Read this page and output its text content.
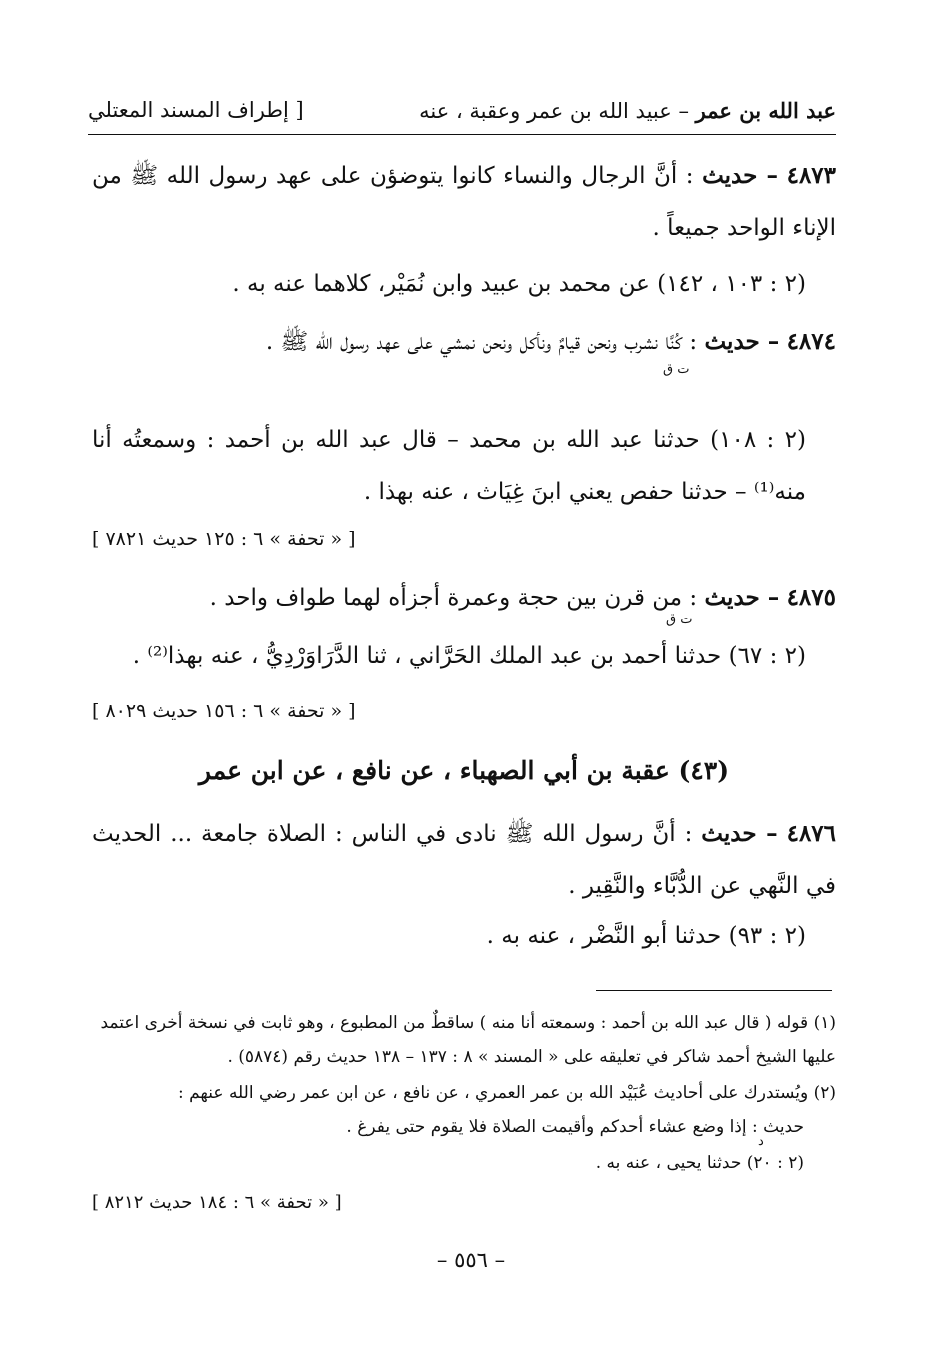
عبد الله بن عمر – عبيد الله بن عمر وعقبة ، عنه
[ إطراف المسند المعتلي
٤٨٧٣ – حديث : أنَّ الرجال والنساء كانوا يتوضؤن على عهد رسول الله ﷺ من الإناء الواحد جميعاً .
(٢ : ١٠٣ ، ١٤٢) عن محمد بن عبيد وابن نُمَيْر، كلاهما عنه به .
٤٨٧٤ – حديث : كُنَّا نشرب ونحن قيامٌ ونأكل ونحن نمشي على عهد رسول الله ﷺ .
ت ق
(٢ : ١٠٨) حدثنا عبد الله بن محمد – قال عبد الله بن أحمد : وسمعتُه أنا منه⁽¹⁾ – حدثنا حفص يعني ابنَ غِيَاث ، عنه بهذا .
[ « تحفة » ٦ : ١٢٥ حديث ٧٨٢١ ]
٤٨٧٥ – حديث : من قرن بين حجة وعمرة أجزأه لهما طواف واحد .
ت ق
(٢ : ٦٧) حدثنا أحمد بن عبد الملك الحَرَّاني ، ثنا الدَّرَاوَرْدِيُّ ، عنه بهذا⁽²⁾ .
[ « تحفة » ٦ : ١٥٦ حديث ٨٠٢٩ ]
(٤٣) عقبة بن أبي الصهباء ، عن نافع ، عن ابن عمر
٤٨٧٦ – حديث : أنَّ رسول الله ﷺ نادى في الناس : الصلاة جامعة ... الحديث في النَّهي عن الدُّبَّاء والنَّقِير .
(٢ : ٩٣) حدثنا أبو النَّضْر ، عنه به .
(١) قوله ( قال عبد الله بن أحمد : وسمعته أنا منه ) ساقطٌ من المطبوع ، وهو ثابت في نسخة أخرى اعتمد عليها الشيخ أحمد شاكر في تعليقه على « المسند » ٨ : ١٣٧ – ١٣٨ حديث رقم (٥٨٧٤) .
(٢) ويُستدرك على أحاديث عُبَيْد الله بن عمر العمري ، عن نافع ، عن ابن عمر رضي الله عنهم :
حديث : إذا وضع عشاء أحدكم وأقيمت الصلاة فلا يقوم حتى يفرغ .
د
(٢ : ٢٠) حدثنا يحيى ، عنه به .
[ « تحفة » ٦ : ١٨٤ حديث ٨٢١٢ ]
– ٥٥٦ –
